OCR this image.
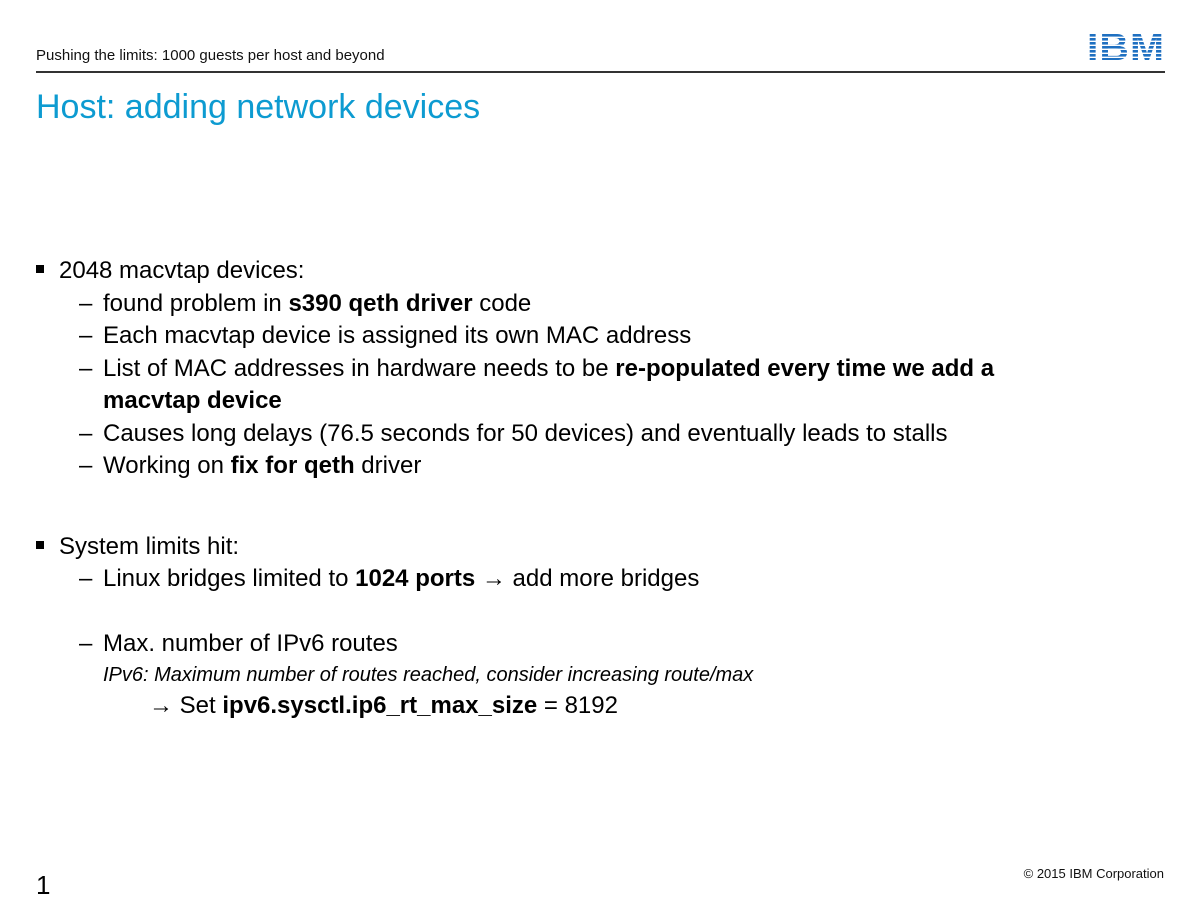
Pushing the limits: 1000 guests per host and beyond
Host: adding network devices
2048 macvtap devices:
– found problem in s390 qeth driver code
– Each macvtap device is assigned its own MAC address
– List of MAC addresses in hardware needs to be re-populated every time we add a
macvtap device
– Causes long delays (76.5 seconds for 50 devices) and eventually leads to stalls
– Working on fix for qeth driver
System limits hit:
– Linux bridges limited to 1024 ports → add more bridges
– Max. number of IPv6 routes
IPv6: Maximum number of routes reached, consider increasing route/max
→ Set ipv6.sysctl.ip6_rt_max_size = 8192
1	© 2015 IBM Corporation
